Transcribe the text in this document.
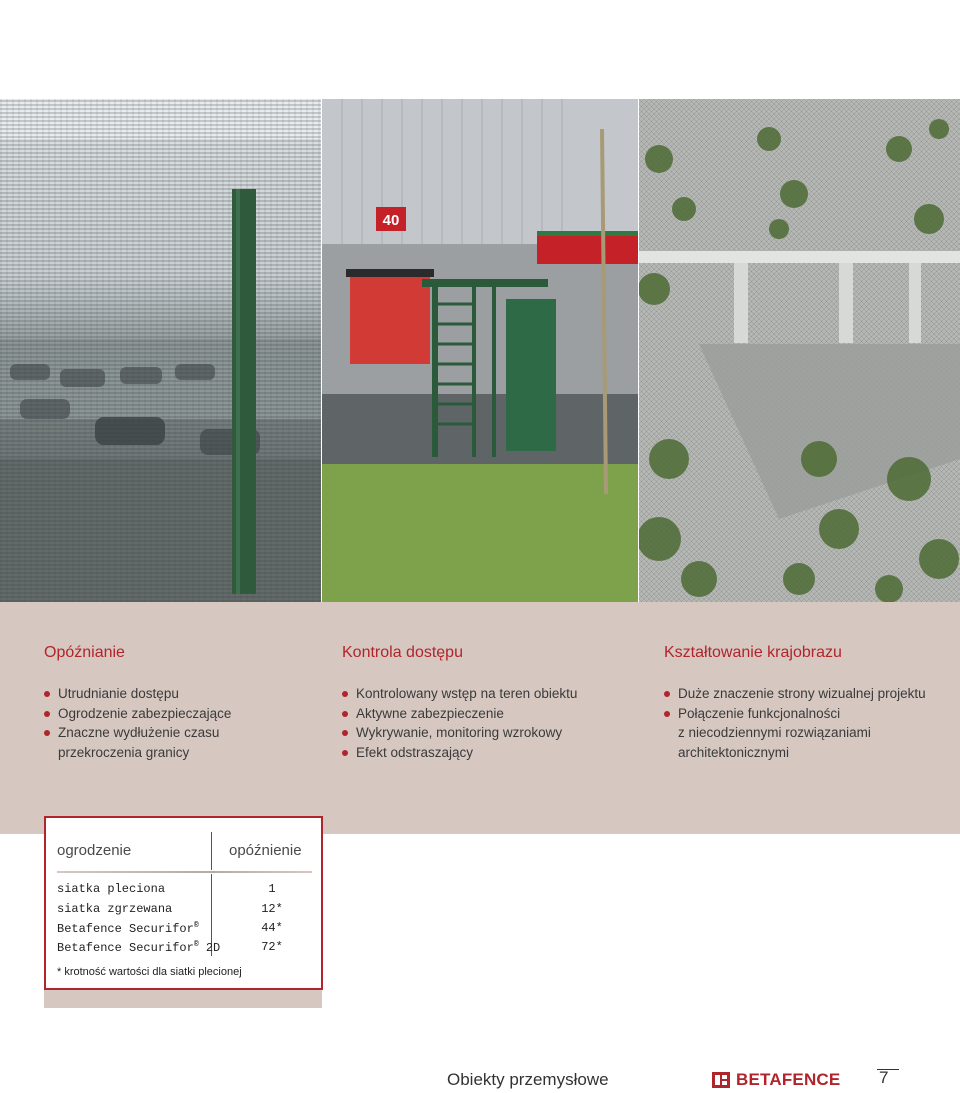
40
Opóźnianie
Utrudnianie dostępu
Ogrodzenie zabezpieczające
Znaczne wydłużenie czasu
przekroczenia granicy
Kontrola dostępu
Kontrolowany wstęp na teren obiektu
Aktywne zabezpieczenie
Wykrywanie, monitoring wzrokowy
Efekt odstraszający
Kształtowanie krajobrazu
Duże znaczenie strony wizualnej projektu
Połączenie funkcjonalności
z niecodziennymi rozwiązaniami
architektonicznymi
ogrodzenie	opóźnienie
siatka pleciona	1
siatka zgrzewana	12*
Betafence Securifor®	44*
Betafence Securifor® 2D	72*
* krotność wartości dla siatki plecionej
Obiekty przemysłowe	BETAFENCE 7
